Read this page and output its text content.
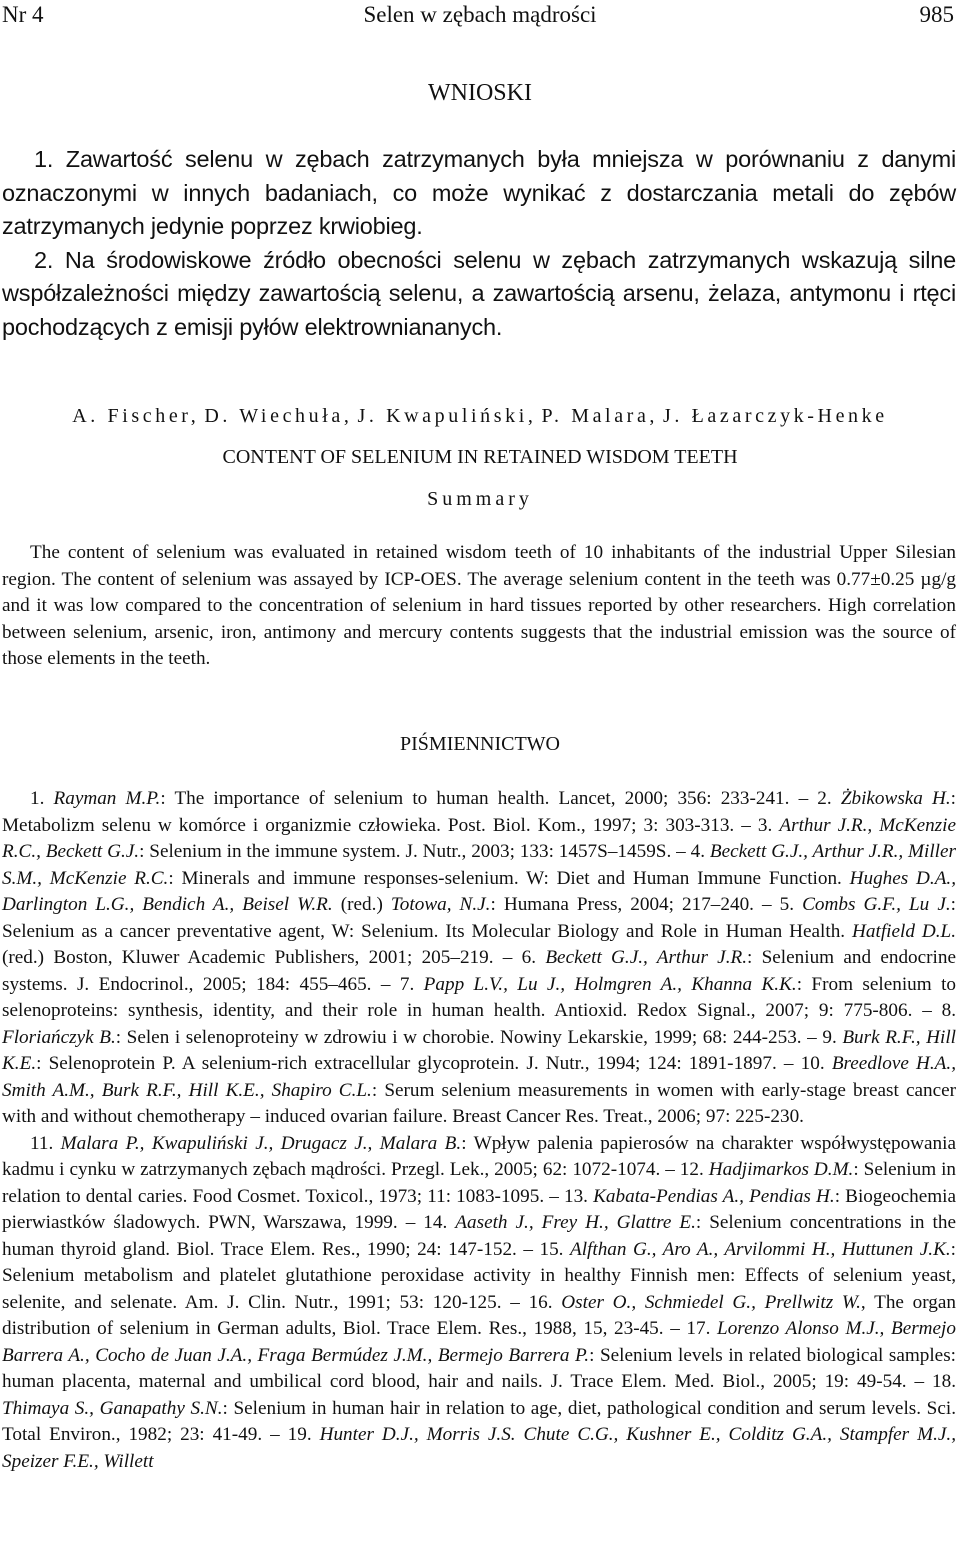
Nr 4	Selen w zębach mądrości	985
WNIOSKI

1. Zawartość selenu w zębach zatrzymanych była mniejsza w porównaniu z danymi oznaczonymi w innych badaniach, co może wynikać z dostarczania metali do zębów zatrzymanych jedynie poprzez krwiobieg.

2. Na środowiskowe źródło obecności selenu w zębach zatrzymanych wskazują silne współzależności między zawartością selenu, a zawartością arsenu, żelaza, antymonu i rtęci pochodzących z emisji pyłów elektrowniananych.

A. Fischer, D. Wiechuła, J. Kwapuliński, P. Malara, J. Łazarczyk-Henke
CONTENT OF SELENIUM IN RETAINED WISDOM TEETH
Summary

The content of selenium was evaluated in retained wisdom teeth of 10 inhabitants of the industrial Upper Silesian region. The content of selenium was assayed by ICP-OES. The average selenium content in the teeth was 0.77±0.25 µg/g and it was low compared to the concentration of selenium in hard tissues reported by other researchers. High correlation between selenium, arsenic, iron, antimony and mercury contents suggests that the industrial emission was the source of those elements in the teeth.

PIŚMIENNICTWO

1. Rayman M.P.: The importance of selenium to human health. Lancet, 2000; 356: 233-241. – 2. Żbikowska H.: Metabolizm selenu w komórce i organizmie człowieka. Post. Biol. Kom., 1997; 3: 303-313. – 3. Arthur J.R., McKenzie R.C., Beckett G.J.: Selenium in the immune system. J. Nutr., 2003; 133: 1457S–1459S. – 4. Beckett G.J., Arthur J.R., Miller S.M., McKenzie R.C.: Minerals and immune responses-selenium. W: Diet and Human Immune Function. Hughes D.A., Darlington L.G., Bendich A., Beisel W.R. (red.) Totowa, N.J.: Humana Press, 2004; 217–240. – 5. Combs G.F., Lu J.: Selenium as a cancer preventative agent, W: Selenium. Its Molecular Biology and Role in Human Health. Hatfield D.L. (red.) Boston, Kluwer Academic Publishers, 2001; 205–219. – 6. Beckett G.J., Arthur J.R.: Selenium and endocrine systems. J. Endocrinol., 2005; 184: 455–465. – 7. Papp L.V., Lu J., Holmgren A., Khanna K.K.: From selenium to selenoproteins: synthesis, identity, and their role in human health. Antioxid. Redox Signal., 2007; 9: 775-806. – 8. Floriańczyk B.: Selen i selenoproteiny w zdrowiu i w chorobie. Nowiny Lekarskie, 1999; 68: 244-253. – 9. Burk R.F., Hill K.E.: Selenoprotein P. A selenium-rich extracellular glycoprotein. J. Nutr., 1994; 124: 1891-1897. – 10. Breedlove H.A., Smith A.M., Burk R.F., Hill K.E., Shapiro C.L.: Serum selenium measurements in women with early-stage breast cancer with and without chemotherapy – induced ovarian failure. Breast Cancer Res. Treat., 2006; 97: 225-230.

11. Malara P., Kwapuliński J., Drugacz J., Malara B.: Wpływ palenia papierosów na charakter współwystępowania kadmu i cynku w zatrzymanych zębach mądrości. Przegl. Lek., 2005; 62: 1072-1074. – 12. Hadjimarkos D.M.: Selenium in relation to dental caries. Food Cosmet. Toxicol., 1973; 11: 1083-1095. – 13. Kabata-Pendias A., Pendias H.: Biogeochemia pierwiastków śladowych. PWN, Warszawa, 1999. – 14. Aaseth J., Frey H., Glattre E.: Selenium concentrations in the human thyroid gland. Biol. Trace Elem. Res., 1990; 24: 147-152. – 15. Alfthan G., Aro A., Arvilommi H., Huttunen J.K.: Selenium metabolism and platelet glutathione peroxidase activity in healthy Finnish men: Effects of selenium yeast, selenite, and selenate. Am. J. Clin. Nutr., 1991; 53: 120-125. – 16. Oster O., Schmiedel G., Prellwitz W., The organ distribution of selenium in German adults, Biol. Trace Elem. Res., 1988, 15, 23-45. – 17. Lorenzo Alonso M.J., Bermejo Barrera A., Cocho de Juan J.A., Fraga Bermúdez J.M., Bermejo Barrera P.: Selenium levels in related biological samples: human placenta, maternal and umbilical cord blood, hair and nails. J. Trace Elem. Med. Biol., 2005; 19: 49-54. – 18. Thimaya S., Ganapathy S.N.: Selenium in human hair in relation to age, diet, pathological condition and serum levels. Sci. Total Environ., 1982; 23: 41-49. – 19. Hunter D.J., Morris J.S. Chute C.G., Kushner E., Colditz G.A., Stampfer M.J., Speizer F.E., Willett
